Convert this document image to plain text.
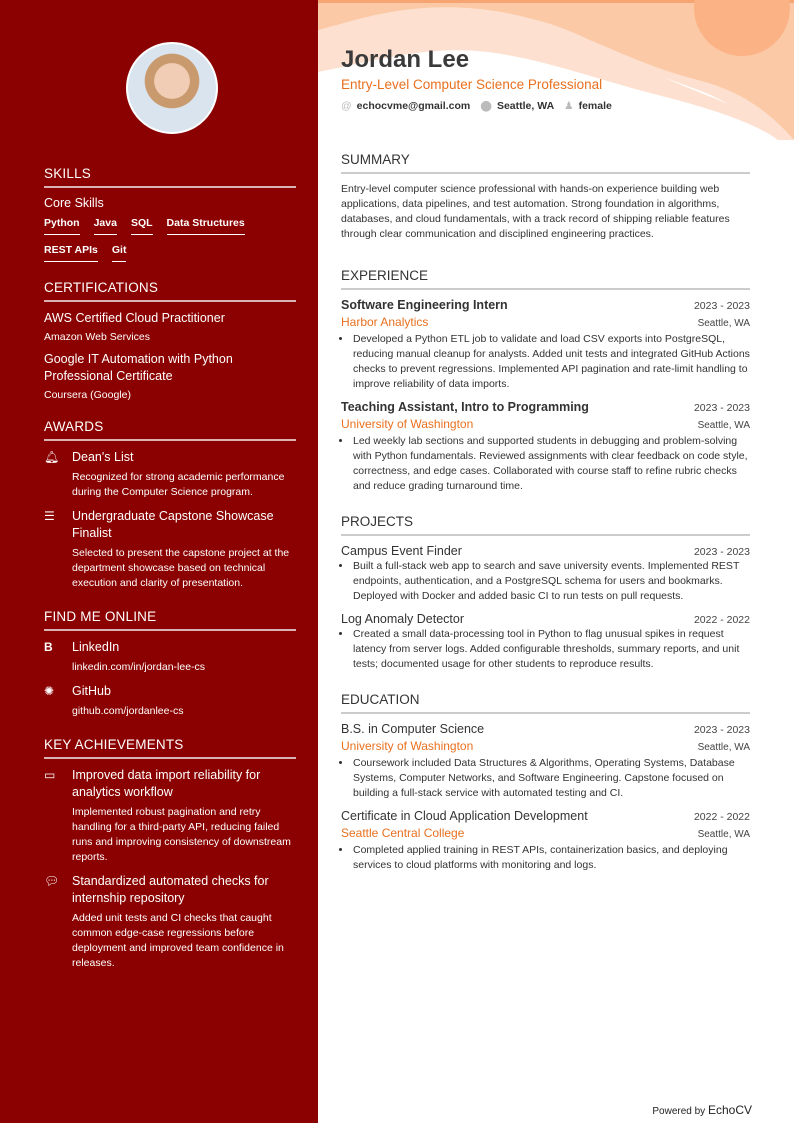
SKILLS
Core Skills
Python Java SQL Data Structures
REST APIs Git
CERTIFICATIONS
AWS Certified Cloud Practitioner
Amazon Web Services
Google IT Automation with Python Professional Certificate
Coursera (Google)
AWARDS
🔔︎	Dean's List
Recognized for strong academic performance during the Computer Science program.
☰	Undergraduate Capstone Showcase Finalist
Selected to present the capstone project at the department showcase based on technical execution and clarity of presentation.
FIND ME ONLINE
B	LinkedIn
linkedin.com/in/jordan-lee-cs
✺	GitHub
github.com/jordanlee-cs
KEY ACHIEVEMENTS
▭	Improved data import reliability for analytics workflow
Implemented robust pagination and retry handling for a third-party API, reducing failed runs and improving consistency of downstream reports.
💬︎	Standardized automated checks for internship repository
Added unit tests and CI checks that caught common edge-case regressions before deployment and improved team confidence in releases.
Jordan Lee
Entry-Level Computer Science Professional
@ echocvme@gmail.com ⬤ Seattle, WA ♟ female
SUMMARY

Entry-level computer science professional with hands-on experience building web applications, data pipelines, and test automation. Strong foundation in algorithms, databases, and cloud fundamentals, with a track record of shipping reliable features through clear communication and disciplined engineering practices.

EXPERIENCE
Software Engineering Intern	2023 - 2023
Harbor Analytics	Seattle, WA
• Developed a Python ETL job to validate and load CSV exports into PostgreSQL, reducing manual cleanup for analysts. Added unit tests and integrated GitHub Actions checks to prevent regressions. Implemented API pagination and rate-limit handling to improve reliability of data imports.
Teaching Assistant, Intro to Programming	2023 - 2023
University of Washington	Seattle, WA
• Led weekly lab sections and supported students in debugging and problem-solving with Python fundamentals. Reviewed assignments with clear feedback on code style, correctness, and edge cases. Collaborated with course staff to refine rubric checks and reduce grading turnaround time.
PROJECTS
Campus Event Finder	2023 - 2023
• Built a full-stack web app to search and save university events. Implemented REST endpoints, authentication, and a PostgreSQL schema for users and bookmarks. Deployed with Docker and added basic CI to run tests on pull requests.
Log Anomaly Detector	2022 - 2022
• Created a small data-processing tool in Python to flag unusual spikes in request latency from server logs. Added configurable thresholds, summary reports, and unit tests; documented usage for other students to reproduce results.
EDUCATION
B.S. in Computer Science	2023 - 2023
University of Washington	Seattle, WA
• Coursework included Data Structures & Algorithms, Operating Systems, Database Systems, Computer Networks, and Software Engineering. Capstone focused on building a full-stack service with automated testing and CI.
Certificate in Cloud Application Development	2022 - 2022
Seattle Central College	Seattle, WA
• Completed applied training in REST APIs, containerization basics, and deploying services to cloud platforms with monitoring and logs.
Powered by EchoCV
